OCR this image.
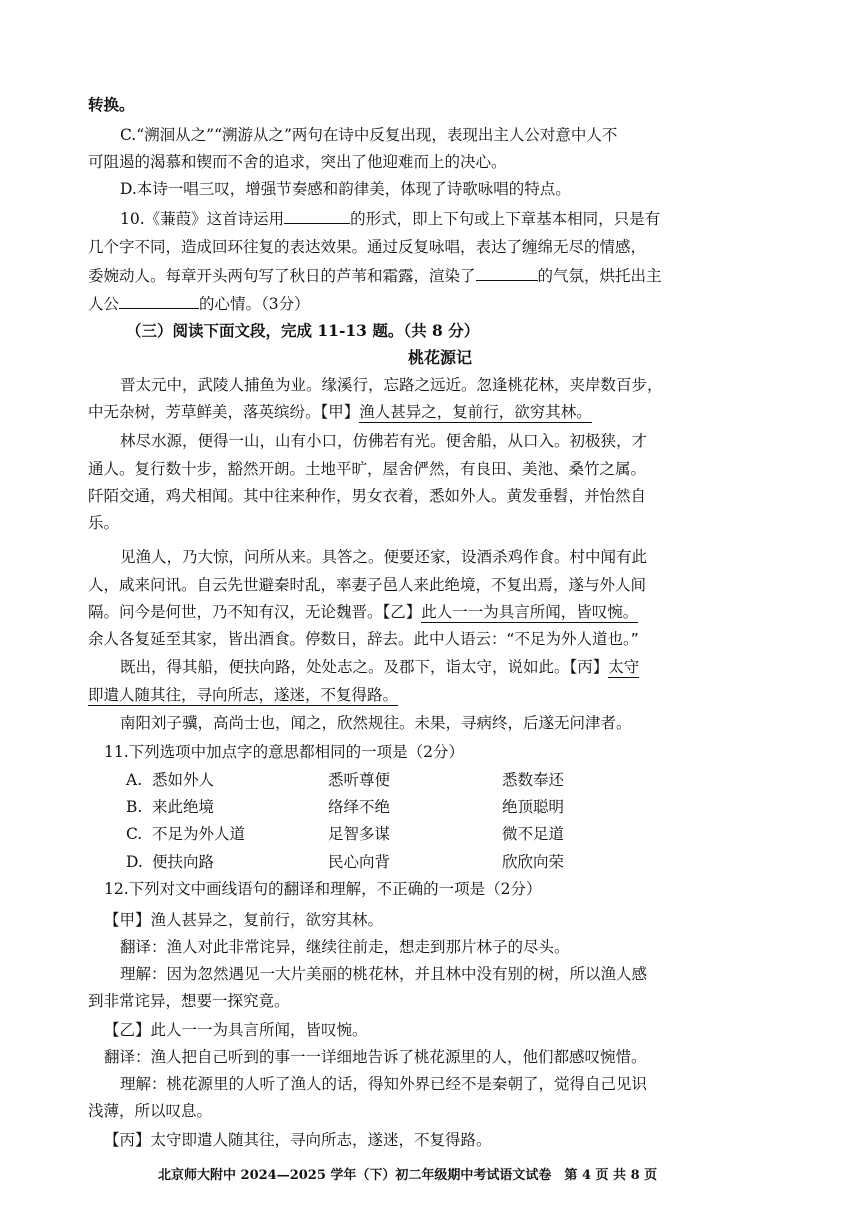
转换。
C.“溯洄从之”“溯游从之”两句在诗中反复出现，表现出主人公对意中人不
可阻遏的渴慕和锲而不舍的追求，突出了他迎难而上的决心。
D.本诗一唱三叹，增强节奏感和韵律美，体现了诗歌咏唱的特点。
10.《蒹葭》这首诗运用	的形式，即上下句或上下章基本相同，只是有
几个字不同，造成回环往复的表达效果。通过反复咏唱，表达了缠绵无尽的情感，
委婉动人。每章开头两句写了秋日的芦苇和霜露，渲染了	的气氛，烘托出主
人公	的心情。（3分）
（三）阅读下面文段，完成 11-13 题。（共 8 分）
桃花源记
晋太元中，武陵人捕鱼为业。缘溪行，忘路之远近。忽逢桃花林，夹岸数百步，
中无杂树，芳草鲜美，落英缤纷。【甲】渔人甚异之，复前行，欲穷其林。
林尽水源，便得一山，山有小口，仿佛若有光。便舍船，从口入。初极狭，才
通人。复行数十步，豁然开朗。土地平旷，屋舍俨然，有良田、美池、桑竹之属。
阡陌交通，鸡犬相闻。其中往来种作，男女衣着，悉如外人。黄发垂髫，并怡然自
乐。
见渔人，乃大惊，问所从来。具答之。便要还家，设酒杀鸡作食。村中闻有此
人，咸来问讯。自云先世避秦时乱，率妻子邑人来此绝境，不复出焉，遂与外人间
隔。问今是何世，乃不知有汉，无论魏晋。【乙】此人一一为具言所闻，皆叹惋。
余人各复延至其家，皆出酒食。停数日，辞去。此中人语云：“不足为外人道也。”
既出，得其船，便扶向路，处处志之。及郡下，诣太守，说如此。【丙】太守
即遣人随其往，寻向所志，遂迷，不复得路。
南阳刘子骥，高尚士也，闻之，欣然规往。未果，寻病终，后遂无问津者。
11.下列选项中加点字的意思都相同的一项是（2分）
A. 悉如外人	悉听尊便	悉数奉还
B. 来此绝境	络绎不绝	绝顶聪明
C. 不足为外人道	足智多谋	微不足道
D. 便扶向路	民心向背	欣欣向荣
12.下列对文中画线语句的翻译和理解，不正确的一项是（2分）
【甲】渔人甚异之，复前行，欲穷其林。
翻译：渔人对此非常诧异，继续往前走，想走到那片林子的尽头。
理解：因为忽然遇见一大片美丽的桃花林，并且林中没有别的树，所以渔人感
到非常诧异，想要一探究竟。
【乙】此人一一为具言所闻，皆叹惋。
翻译：渔人把自己听到的事一一详细地告诉了桃花源里的人，他们都感叹惋惜。
理解：桃花源里的人听了渔人的话，得知外界已经不是秦朝了，觉得自己见识
浅薄，所以叹息。
【丙】太守即遣人随其往，寻向所志，遂迷，不复得路。
北京师大附中 2024—2025 学年（下）初二年级期中考试语文试卷　第 4 页 共 8 页
